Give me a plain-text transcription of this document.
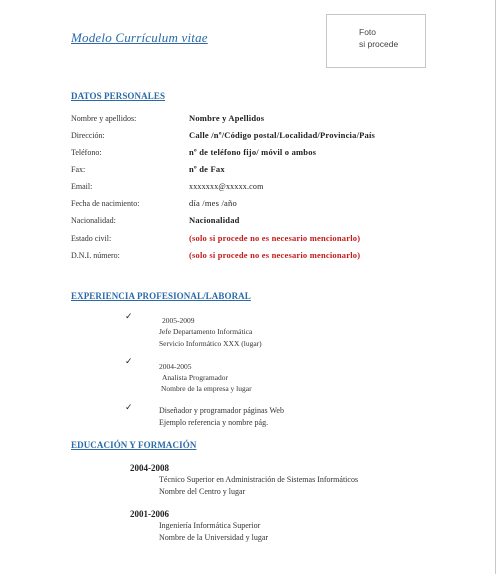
Modelo Currículum vitae	Foto
si procede
DATOS PERSONALES
Nombre y apellidos:	Nombre y Apellidos
Dirección:	Calle /nº/Código postal/Localidad/Provincia/País
Teléfono:	nº de teléfono fijo/ móvil o ambos
Fax:	nº de Fax
Email:	xxxxxxx@xxxxx.com
Fecha de nacimiento:	día /mes /año
Nacionalidad:	Nacionalidad
Estado civil:	(solo si procede no es necesario mencionarlo)
D.N.I. número:	(solo si procede no es necesario mencionarlo)
EXPERIENCIA PROFESIONAL/LABORAL
✓	2005-2009
Jefe Departamento Informática
Servicio Informático XXX (lugar)
✓	2004-2005
Analista Programador
Nombre de la empresa y lugar
✓	Diseñador y programador páginas Web
Ejemplo referencia y nombre pág.
EDUCACIÓN Y FORMACIÓN
2004-2008
Técnico Superior en Administración de Sistemas Informáticos
Nombre del Centro y lugar
2001-2006
Ingeniería Informática Superior
Nombre de la Universidad y lugar
